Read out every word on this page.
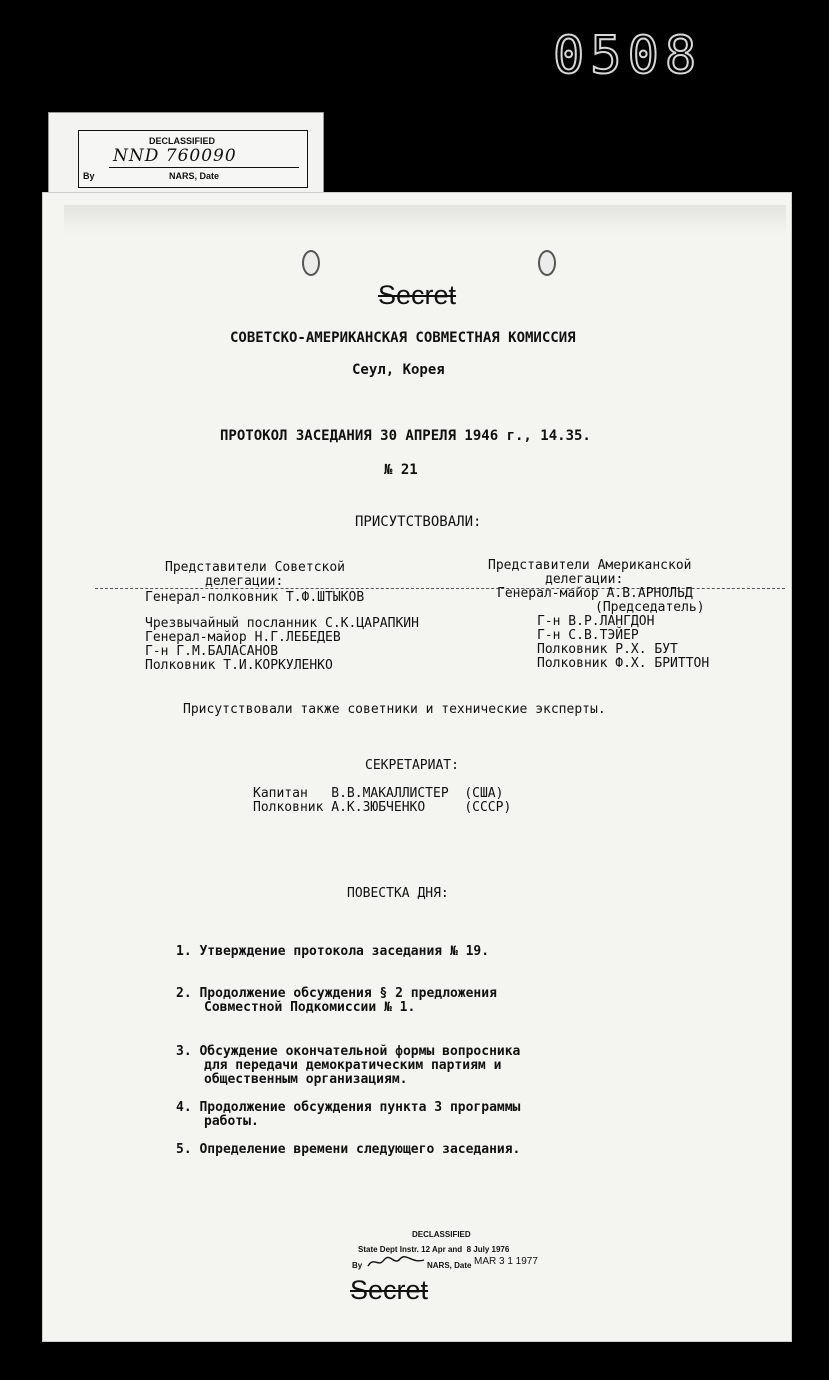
0508
DECLASSIFIED
NND 760090
By	NARS, Date
Secret
СОВЕТСКО-АМЕРИКАНСКАЯ СОВМЕСТНАЯ КОМИССИЯ
Сеул, Корея
ПРОТОКОЛ ЗАСЕДАНИЯ 30 АПРЕЛЯ 1946 г., 14.35.
№ 21
ПРИСУТСТВОВАЛИ:
Представители Советской
делегации:
Генерал-полковник Т.Ф.ШТЫКОВ
Чрезвычайный посланник С.К.ЦАРАПКИН
Генерал-майор Н.Г.ЛЕБЕДЕВ
Г-н Г.М.БАЛАСАНОВ
Полковник Т.И.КОРКУЛЕНКО
Представители Американской
делегации:
Генерал-майор А.В.АРНОЛЬД
(Председатель)
Г-н В.Р.ЛАНГДОН
Г-н С.В.ТЭЙЕР
Полковник Р.Х. БУТ
Полковник Ф.Х. БРИТТОН
Присутствовали также советники и технические эксперты.
СЕКРЕТАРИАТ:
Капитан   В.В.МАКАЛЛИСТЕР  (США)
Полковник А.К.ЗЮБЧЕНКО     (СССР)
ПОВЕСТКА ДНЯ:
1. Утверждение протокола заседания № 19.
2. Продолжение обсуждения § 2 предложения
Совместной Подкомиссии № 1.
3. Обсуждение окончательной формы вопросника
для передачи демократическим партиям и
общественным организациям.
4. Продолжение обсуждения пункта 3 программы
работы.
5. Определение времени следующего заседания.
DECLASSIFIED
State Dept Instr. 12 Apr and  8 July 1976
By	NARS, Date MAR 3 1 1977
Secret
